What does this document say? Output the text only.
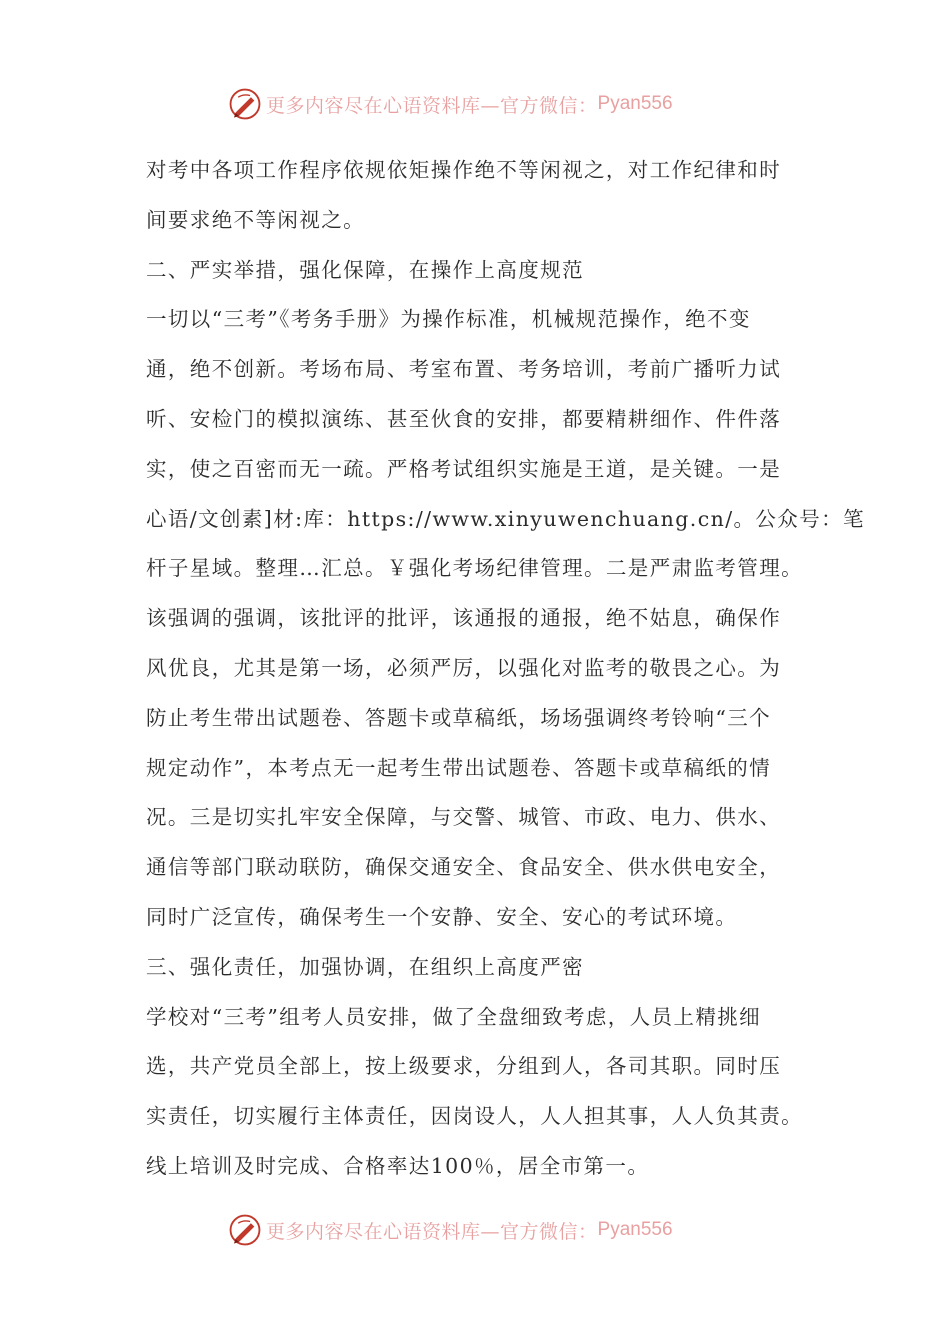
更多内容尽在心语资料库—官方微信： Pyan556
对考中各项工作程序依规依矩操作绝不等闲视之，对工作纪律和时
间要求绝不等闲视之。
二、严实举措，强化保障，在操作上高度规范
一切以“三考”《考务手册》为操作标准，机械规范操作，绝不变
通，绝不创新。考场布局、考室布置、考务培训，考前广播听力试
听、安检门的模拟演练、甚至伙食的安排，都要精耕细作、件件落
实，使之百密而无一疏。严格考试组织实施是王道，是关键。一是
心语/文创素]材:库：https://www.xinyuwenchuang.cn/。公众号：笔
杆子星域。整理…汇总。￥强化考场纪律管理。二是严肃监考管理。
该强调的强调，该批评的批评，该通报的通报，绝不姑息，确保作
风优良，尤其是第一场，必须严厉，以强化对监考的敬畏之心。为
防止考生带出试题卷、答题卡或草稿纸，场场强调终考铃响“三个
规定动作”，本考点无一起考生带出试题卷、答题卡或草稿纸的情
况。三是切实扎牢安全保障，与交警、城管、市政、电力、供水、
通信等部门联动联防，确保交通安全、食品安全、供水供电安全，
同时广泛宣传，确保考生一个安静、安全、安心的考试环境。
三、强化责任，加强协调，在组织上高度严密
学校对“三考”组考人员安排，做了全盘细致考虑，人员上精挑细
选，共产党员全部上，按上级要求，分组到人，各司其职。同时压
实责任，切实履行主体责任，因岗设人，人人担其事，人人负其责。
线上培训及时完成、合格率达100％，居全市第一。
更多内容尽在心语资料库—官方微信： Pyan556
